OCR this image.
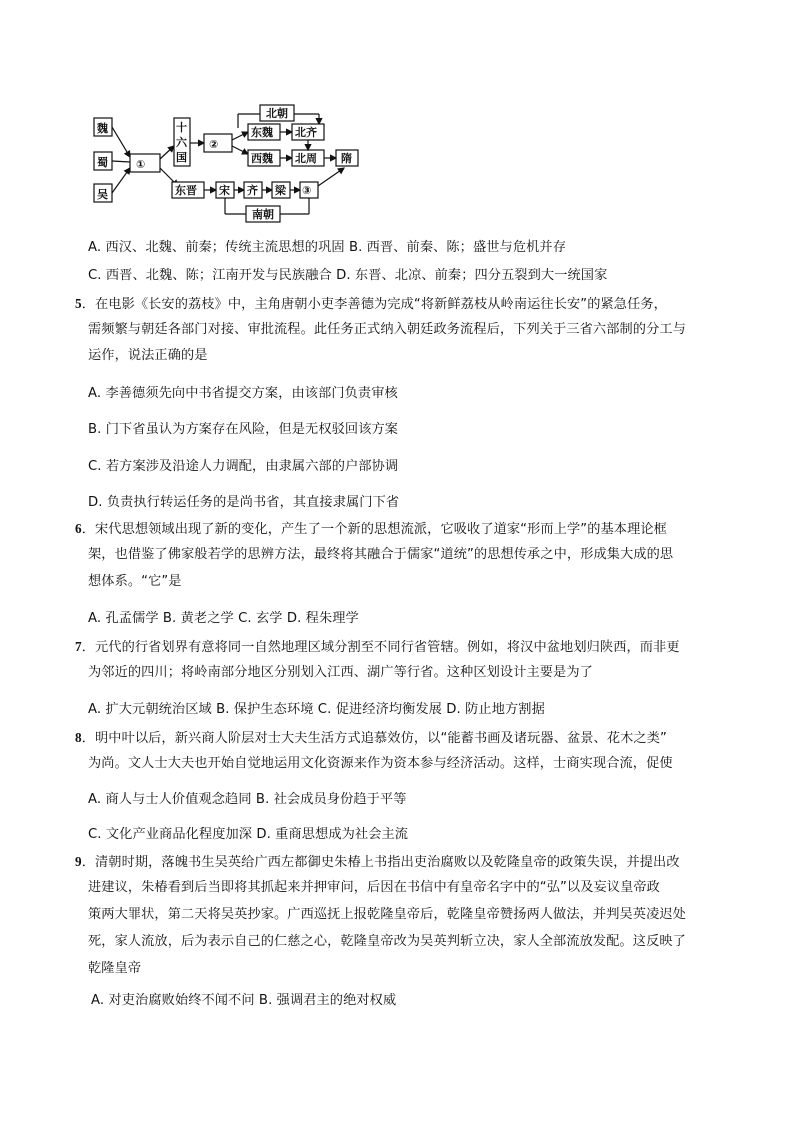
魏
蜀
吴
①
十
六
国
②
北朝
东魏 北齐
西魏 北周 隋
东晋 宋 齐 梁 ③
南朝
A. 西汉、北魏、前秦；传统主流思想的巩固 B. 西晋、前秦、陈；盛世与危机并存
C. 西晋、北魏、陈；江南开发与民族融合 D. 东晋、北凉、前秦；四分五裂到大一统国家
5．在电影《长安的荔枝》中，主角唐朝小吏李善德为完成“将新鲜荔枝从岭南运往长安”的紧急任务，
需频繁与朝廷各部门对接、审批流程。此任务正式纳入朝廷政务流程后，下列关于三省六部制的分工与
运作，说法正确的是
A. 李善德须先向中书省提交方案，由该部门负责审核
B. 门下省虽认为方案存在风险，但是无权驳回该方案
C. 若方案涉及沿途人力调配，由隶属六部的户部协调
D. 负责执行转运任务的是尚书省，其直接隶属门下省
6．宋代思想领域出现了新的变化，产生了一个新的思想流派，它吸收了道家“形而上学”的基本理论框
架，也借鉴了佛家般若学的思辨方法，最终将其融合于儒家“道统”的思想传承之中，形成集大成的思
想体系。“它”是
A. 孔孟儒学 B. 黄老之学 C. 玄学 D. 程朱理学
7．元代的行省划界有意将同一自然地理区域分割至不同行省管辖。例如，将汉中盆地划归陕西，而非更
为邻近的四川；将岭南部分地区分别划入江西、湖广等行省。这种区划设计主要是为了
A. 扩大元朝统治区域 B. 保护生态环境 C. 促进经济均衡发展 D. 防止地方割据
8．明中叶以后，新兴商人阶层对士大夫生活方式追慕效仿，以“能蓄书画及诸玩器、盆景、花木之类”
为尚。文人士大夫也开始自觉地运用文化资源来作为资本参与经济活动。这样，士商实现合流，促使
A. 商人与士人价值观念趋同 B. 社会成员身份趋于平等
C. 文化产业商品化程度加深 D. 重商思想成为社会主流
9．清朝时期，落魄书生吴英给广西左都御史朱椿上书指出吏治腐败以及乾隆皇帝的政策失误，并提出改
进建议，朱椿看到后当即将其抓起来并押审问，后因在书信中有皇帝名字中的“弘”以及妄议皇帝政
策两大罪状，第二天将吴英抄家。广西巡抚上报乾隆皇帝后，乾隆皇帝赞扬两人做法，并判吴英凌迟处
死，家人流放，后为表示自己的仁慈之心，乾隆皇帝改为吴英判斩立决，家人全部流放发配。这反映了
乾隆皇帝
A. 对吏治腐败始终不闻不问 B. 强调君主的绝对权威
